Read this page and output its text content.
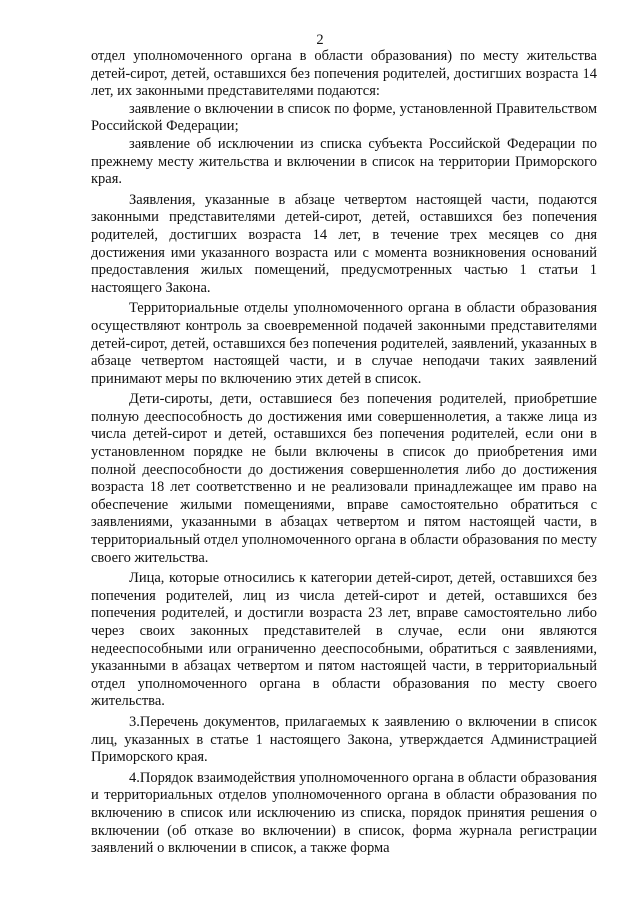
2

отдел уполномоченного органа в области образования) по месту жительства детей-сирот, детей, оставшихся без попечения родителей, достигших возраста 14 лет, их законными представителями подаются:

заявление о включении в список по форме, установленной Правительством Российской Федерации;

заявление об исключении из списка субъекта Российской Федерации по прежнему месту жительства и включении в список на территории Приморского края.

Заявления, указанные в абзаце четвертом настоящей части, подаются законными представителями детей-сирот, детей, оставшихся без попечения родителей, достигших возраста 14 лет, в течение трех месяцев со дня достижения ими указанного возраста или с момента возникновения оснований предоставления жилых помещений, предусмотренных частью 1 статьи 1 настоящего Закона.

Территориальные отделы уполномоченного органа в области образования осуществляют контроль за своевременной подачей законными представителями детей-сирот, детей, оставшихся без попечения родителей, заявлений, указанных в абзаце четвертом настоящей части, и в случае неподачи таких заявлений принимают меры по включению этих детей в список.

Дети-сироты, дети, оставшиеся без попечения родителей, приобретшие полную дееспособность до достижения ими совершеннолетия, а также лица из числа детей-сирот и детей, оставшихся без попечения родителей, если они в установленном порядке не были включены в список до приобретения ими полной дееспособности до достижения совершеннолетия либо до достижения возраста 18 лет соответственно и не реализовали принадлежащее им право на обеспечение жилыми помещениями, вправе самостоятельно обратиться с заявлениями, указанными в абзацах четвертом и пятом настоящей части, в территориальный отдел уполномоченного органа в области образования по месту своего жительства.

Лица, которые относились к категории детей-сирот, детей, оставшихся без попечения родителей, лиц из числа детей-сирот и детей, оставшихся без попечения родителей, и достигли возраста 23 лет, вправе самостоятельно либо через своих законных представителей в случае, если они являются недееспособными или ограниченно дееспособными, обратиться с заявлениями, указанными в абзацах четвертом и пятом настоящей части, в территориальный отдел уполномоченного органа в области образования по месту своего жительства.

3.Перечень документов, прилагаемых к заявлению о включении в список лиц, указанных в статье 1 настоящего Закона, утверждается Администрацией Приморского края.

4.Порядок взаимодействия уполномоченного органа в области образования и территориальных отделов уполномоченного органа в области образования по включению в список или исключению из списка, порядок принятия решения о включении (об отказе во включении) в список, форма журнала регистрации заявлений о включении в список, а также форма
